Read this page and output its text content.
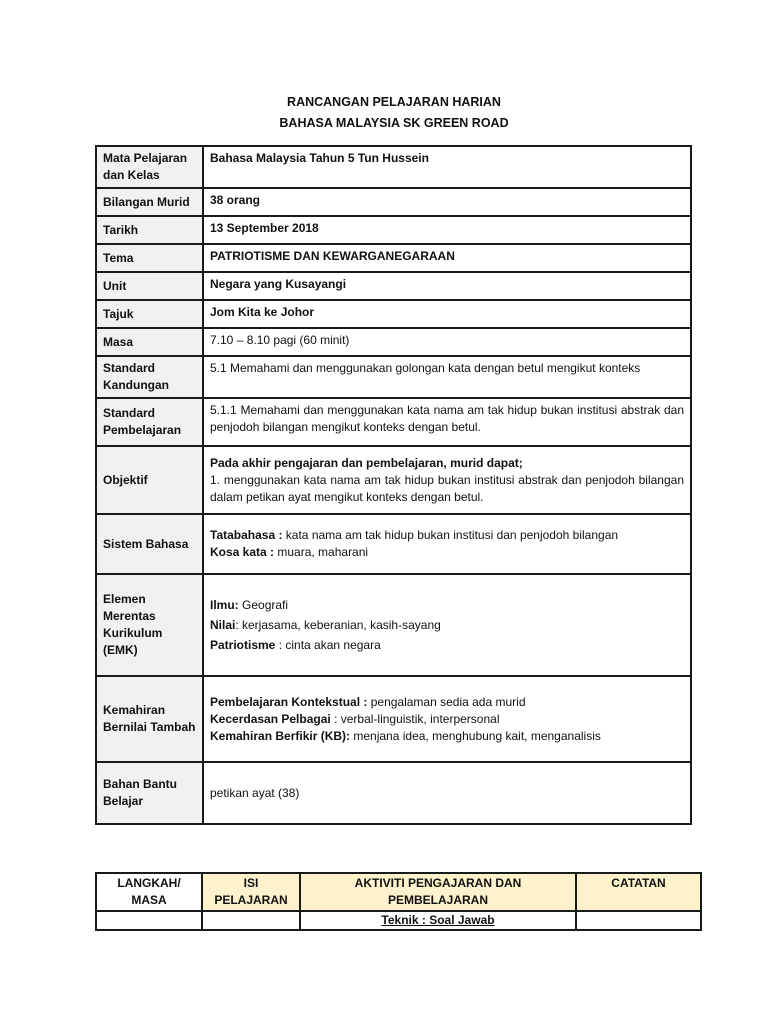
RANCANGAN PELAJARAN HARIAN
BAHASA MALAYSIA SK GREEN ROAD
Mata Pelajaran dan Kelas	Bahasa Malaysia Tahun 5 Tun Hussein
Bilangan Murid	38 orang
Tarikh	13 September 2018
Tema	PATRIOTISME DAN KEWARGANEGARAAN
Unit	Negara yang Kusayangi
Tajuk	Jom Kita ke Johor
Masa	7.10 – 8.10 pagi (60 minit)
Standard Kandungan	5.1 Memahami dan menggunakan golongan kata dengan betul mengikut konteks
Standard Pembelajaran	5.1.1 Memahami dan menggunakan kata nama am tak hidup bukan institusi abstrak dan penjodoh bilangan mengikut konteks dengan betul.
Objektif	Pada akhir pengajaran dan pembelajaran, murid dapat;
1. menggunakan kata nama am tak hidup bukan institusi abstrak dan penjodoh bilangan dalam petikan ayat mengikut konteks dengan betul.

Sistem Bahasa	Tatabahasa : kata nama am tak hidup bukan institusi dan penjodoh bilangan
Kosa kata : muara, maharani

Elemen Merentas Kurikulum (EMK)	Ilmu: Geografi
Nilai: kerjasama, keberanian, kasih-sayang
Patriotisme : cinta akan negara

Kemahiran Bernilai Tambah	Pembelajaran Kontekstual : pengalaman sedia ada murid
Kecerdasan Pelbagai : verbal-linguistik, interpersonal
Kemahiran Berfikir (KB): menjana idea, menghubung kait, menganalisis

Bahan Bantu Belajar	petikan ayat (38)
LANGKAH/ MASA	ISI PELAJARAN	AKTIVITI PENGAJARAN DAN PEMBELAJARAN	CATATAN
		Teknik : Soal Jawab	
